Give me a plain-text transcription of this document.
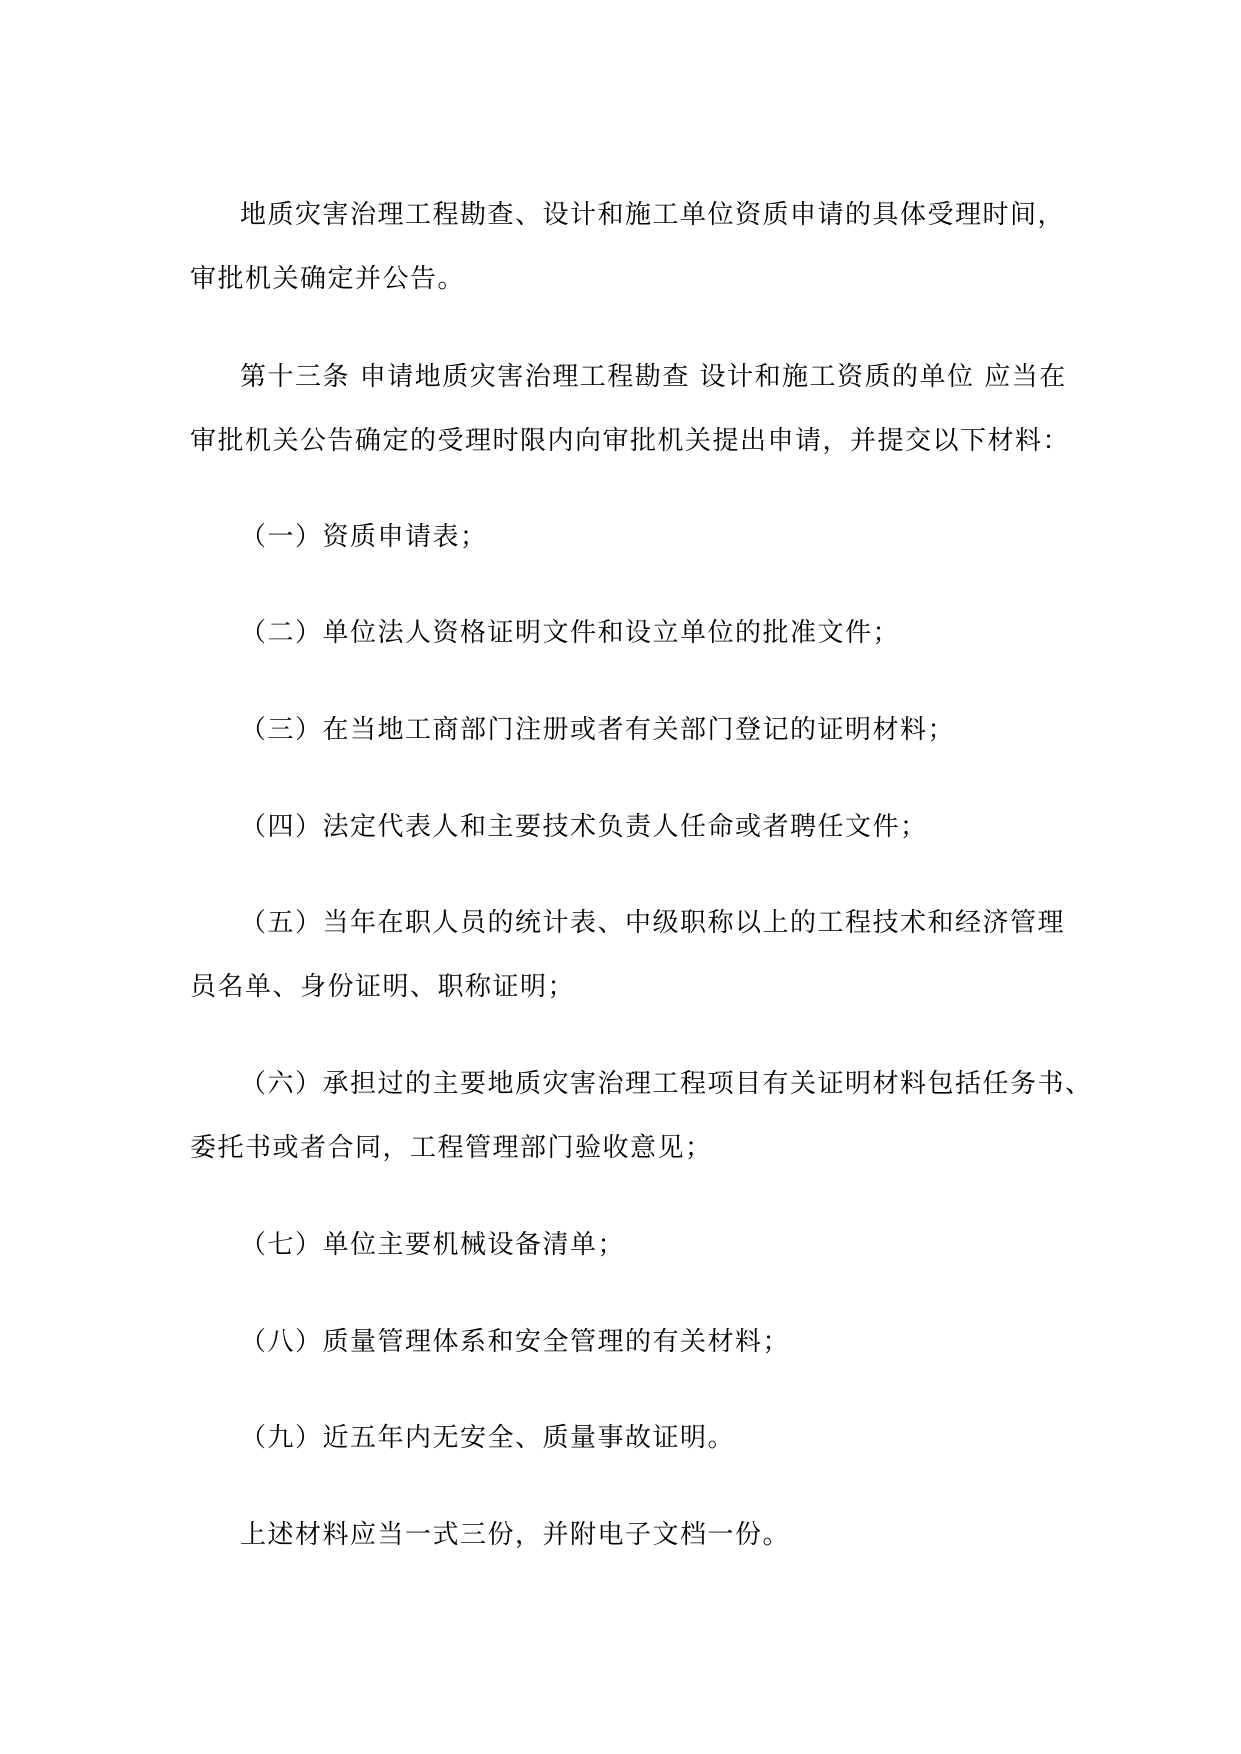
地质灾害治理工程勘查、设计和施工单位资质申请的具体受理时间，
审批机关确定并公告。
第十三条 申请地质灾害治理工程勘查 设计和施工资质的单位 应当在
审批机关公告确定的受理时限内向审批机关提出申请，并提交以下材料：
（一）资质申请表；
（二）单位法人资格证明文件和设立单位的批准文件；
（三）在当地工商部门注册或者有关部门登记的证明材料；
（四）法定代表人和主要技术负责人任命或者聘任文件；
（五）当年在职人员的统计表、中级职称以上的工程技术和经济管理
员名单、身份证明、职称证明；
（六）承担过的主要地质灾害治理工程项目有关证明材料包括任务书、
委托书或者合同，工程管理部门验收意见；
（七）单位主要机械设备清单；
（八）质量管理体系和安全管理的有关材料；
（九）近五年内无安全、质量事故证明。
上述材料应当一式三份，并附电子文档一份。
